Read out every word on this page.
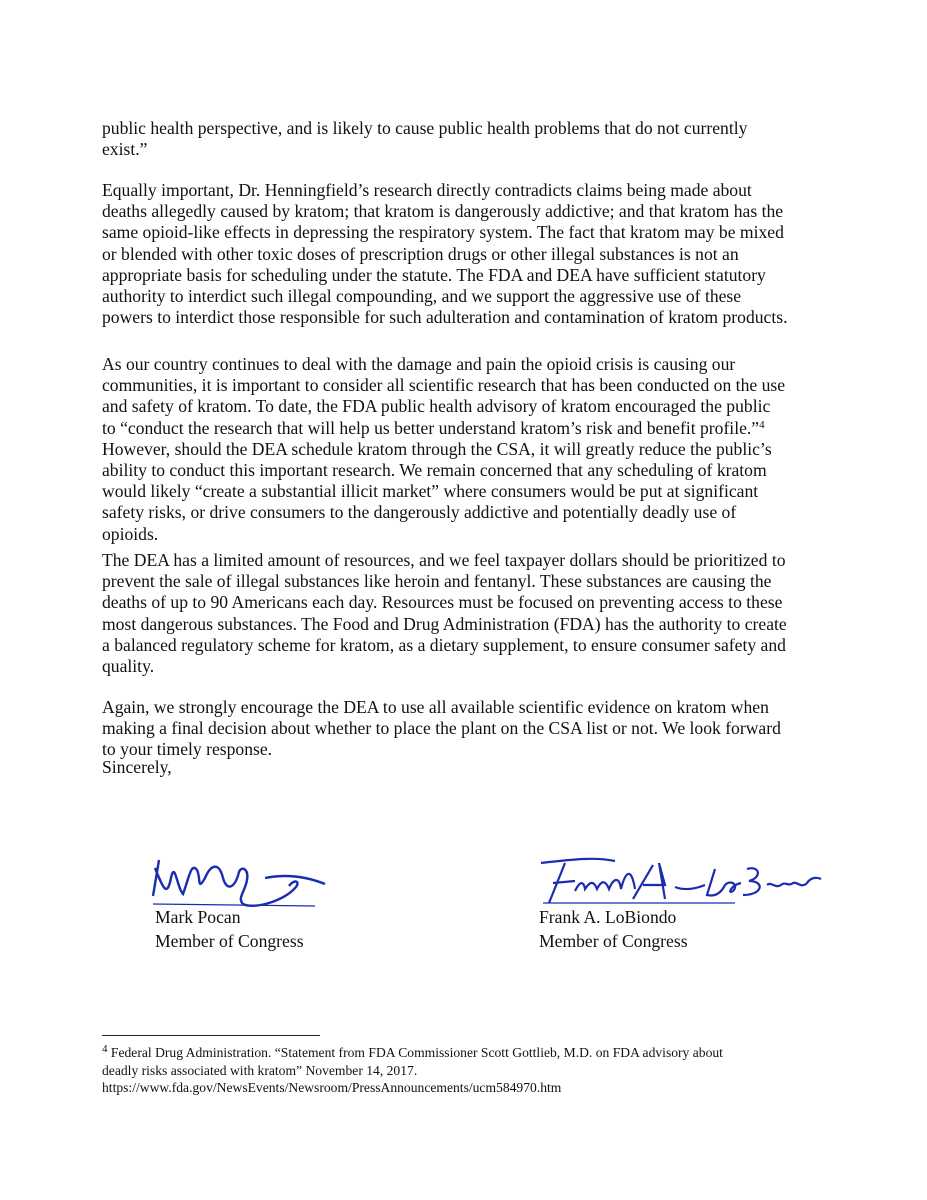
public health perspective, and is likely to cause public health problems that do not currently
exist.”
Equally important, Dr. Henningfield’s research directly contradicts claims being made about
deaths allegedly caused by kratom; that kratom is dangerously addictive; and that kratom has the
same opioid-like effects in depressing the respiratory system. The fact that kratom may be mixed
or blended with other toxic doses of prescription drugs or other illegal substances is not an
appropriate basis for scheduling under the statute. The FDA and DEA have sufficient statutory
authority to interdict such illegal compounding, and we support the aggressive use of these
powers to interdict those responsible for such adulteration and contamination of kratom products.
As our country continues to deal with the damage and pain the opioid crisis is causing our
communities, it is important to consider all scientific research that has been conducted on the use
and safety of kratom. To date, the FDA public health advisory of kratom encouraged the public
to “conduct the research that will help us better understand kratom’s risk and benefit profile.”$^4$
However, should the DEA schedule kratom through the CSA, it will greatly reduce the public’s
ability to conduct this important research. We remain concerned that any scheduling of kratom
would likely “create a substantial illicit market” where consumers would be put at significant
safety risks, or drive consumers to the dangerously addictive and potentially deadly use of
opioids.
The DEA has a limited amount of resources, and we feel taxpayer dollars should be prioritized to
prevent the sale of illegal substances like heroin and fentanyl. These substances are causing the
deaths of up to 90 Americans each day. Resources must be focused on preventing access to these
most dangerous substances. The Food and Drug Administration (FDA) has the authority to create
a balanced regulatory scheme for kratom, as a dietary supplement, to ensure consumer safety and
quality.
Again, we strongly encourage the DEA to use all available scientific evidence on kratom when
making a final decision about whether to place the plant on the CSA list or not. We look forward
to your timely response.
Sincerely,
Mark Pocan
Member of Congress
Frank A. LoBiondo
Member of Congress
$^4$ Federal Drug Administration. “Statement from FDA Commissioner Scott Gottlieb, M.D. on FDA advisory about
deadly risks associated with kratom” November 14, 2017.
https://www.fda.gov/NewsEvents/Newsroom/PressAnnouncements/ucm584970.htm
